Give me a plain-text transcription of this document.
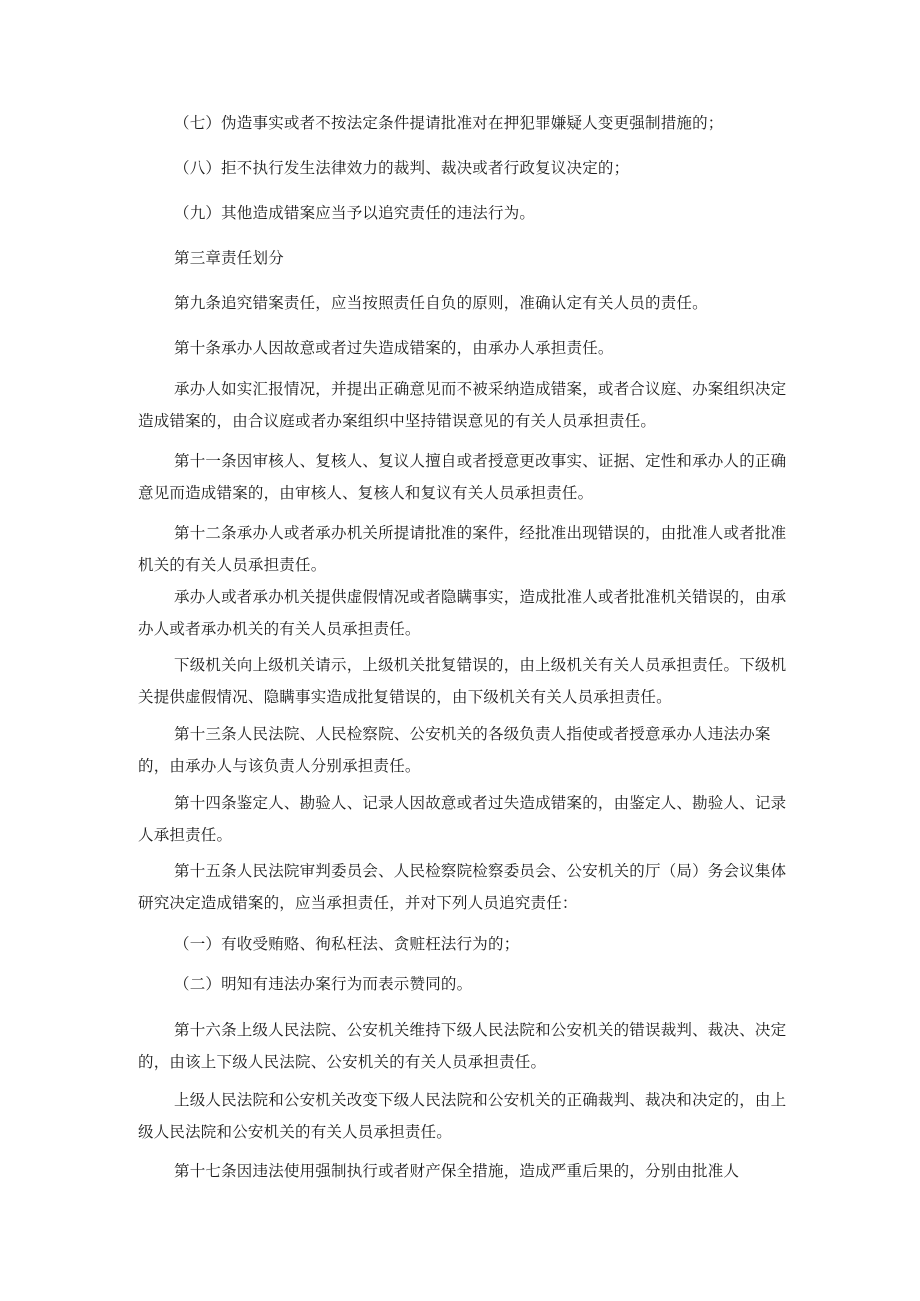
（七）伪造事实或者不按法定条件提请批准对在押犯罪嫌疑人变更强制措施的；

（八）拒不执行发生法律效力的裁判、裁决或者行政复议决定的；

（九）其他造成错案应当予以追究责任的违法行为。

第三章责任划分

第九条追究错案责任，应当按照责任自负的原则，准确认定有关人员的责任。

第十条承办人因故意或者过失造成错案的，由承办人承担责任。

承办人如实汇报情况，并提出正确意见而不被采纳造成错案，或者合议庭、办案组织决定造成错案的，由合议庭或者办案组织中坚持错误意见的有关人员承担责任。

第十一条因审核人、复核人、复议人擅自或者授意更改事实、证据、定性和承办人的正确意见而造成错案的，由审核人、复核人和复议有关人员承担责任。

第十二条承办人或者承办机关所提请批准的案件，经批准出现错误的，由批准人或者批准机关的有关人员承担责任。

承办人或者承办机关提供虚假情况或者隐瞒事实，造成批准人或者批准机关错误的，由承办人或者承办机关的有关人员承担责任。

下级机关向上级机关请示，上级机关批复错误的，由上级机关有关人员承担责任。下级机关提供虚假情况、隐瞒事实造成批复错误的，由下级机关有关人员承担责任。

第十三条人民法院、人民检察院、公安机关的各级负责人指使或者授意承办人违法办案的，由承办人与该负责人分别承担责任。

第十四条鉴定人、勘验人、记录人因故意或者过失造成错案的，由鉴定人、勘验人、记录人承担责任。

第十五条人民法院审判委员会、人民检察院检察委员会、公安机关的厅（局）务会议集体研究决定造成错案的，应当承担责任，并对下列人员追究责任：

（一）有收受贿赂、徇私枉法、贪赃枉法行为的；

（二）明知有违法办案行为而表示赞同的。

第十六条上级人民法院、公安机关维持下级人民法院和公安机关的错误裁判、裁决、决定的，由该上下级人民法院、公安机关的有关人员承担责任。

上级人民法院和公安机关改变下级人民法院和公安机关的正确裁判、裁决和决定的，由上级人民法院和公安机关的有关人员承担责任。

第十七条因违法使用强制执行或者财产保全措施，造成严重后果的，分别由批准人
